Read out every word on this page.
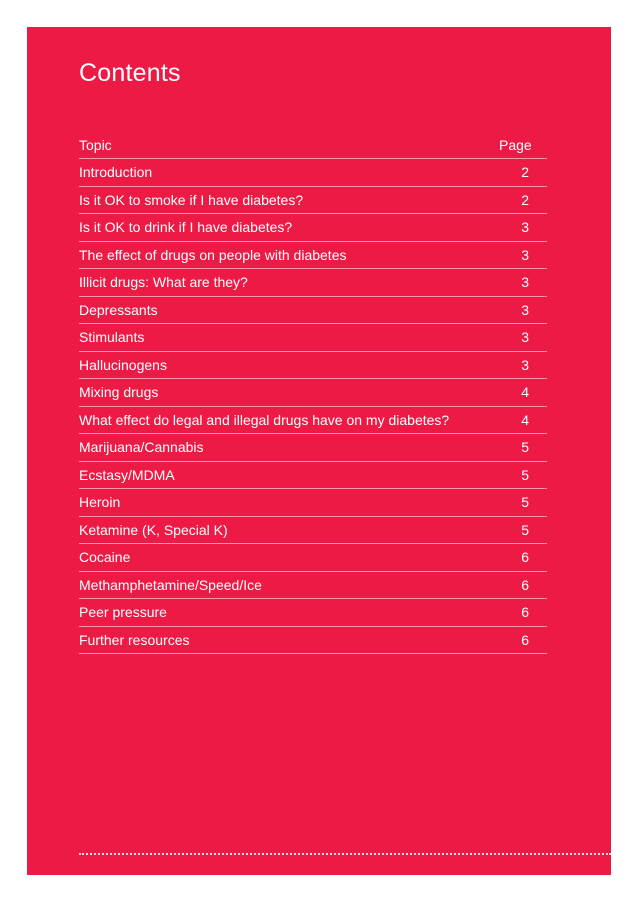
Contents
Topic	Page
Introduction	2
Is it OK to smoke if I have diabetes?	2
Is it OK to drink if I have diabetes?	3
The effect of drugs on people with diabetes	3
Illicit drugs: What are they?	3
Depressants	3
Stimulants	3
Hallucinogens	3
Mixing drugs	4
What effect do legal and illegal drugs have on my diabetes?	4
Marijuana/Cannabis	5
Ecstasy/MDMA	5
Heroin	5
Ketamine (K, Special K)	5
Cocaine	6
Methamphetamine/Speed/Ice	6
Peer pressure	6
Further resources	6
